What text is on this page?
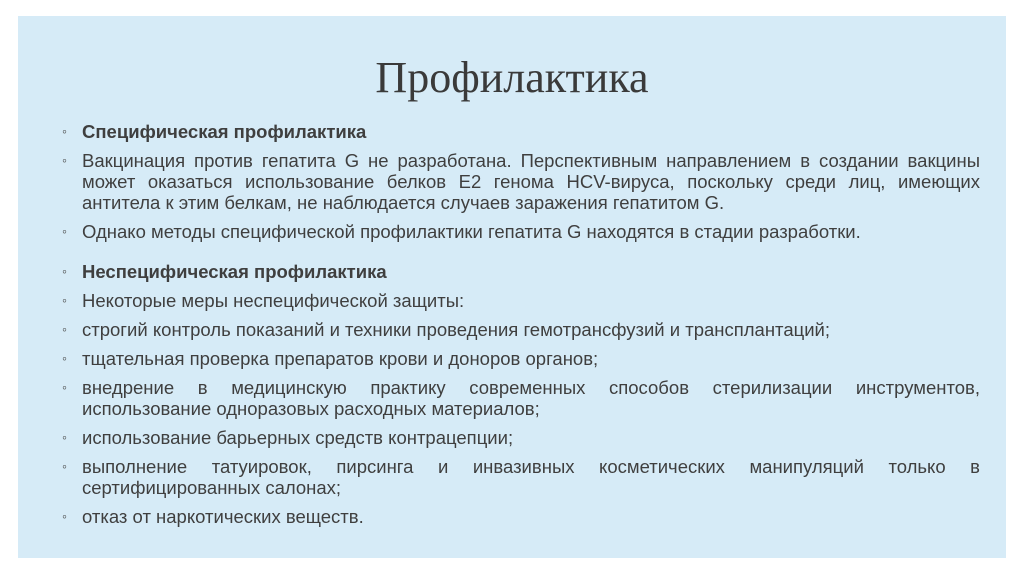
Профилактика
◦ Специфическая профилактика
◦ Вакцинация против гепатита G не разработана. Перспективным направлением в создании вакцины может оказаться использование белков Е2 генома HCV-вируса, поскольку среди лиц, имеющих антитела к этим белкам, не наблюдается случаев заражения гепатитом G.
◦ Однако методы специфической профилактики гепатита G находятся в стадии разработки.
◦ Неспецифическая профилактика
◦ Некоторые меры неспецифической защиты:
◦ строгий контроль показаний и техники проведения гемотрансфузий и трансплантаций;
◦ тщательная проверка препаратов крови и доноров органов;
◦ внедрение в медицинскую практику современных способов стерилизации инструментов, использование одноразовых расходных материалов;
◦ использование барьерных средств контрацепции;
◦ выполнение татуировок, пирсинга и инвазивных косметических манипуляций только в сертифицированных салонах;
◦ отказ от наркотических веществ.
